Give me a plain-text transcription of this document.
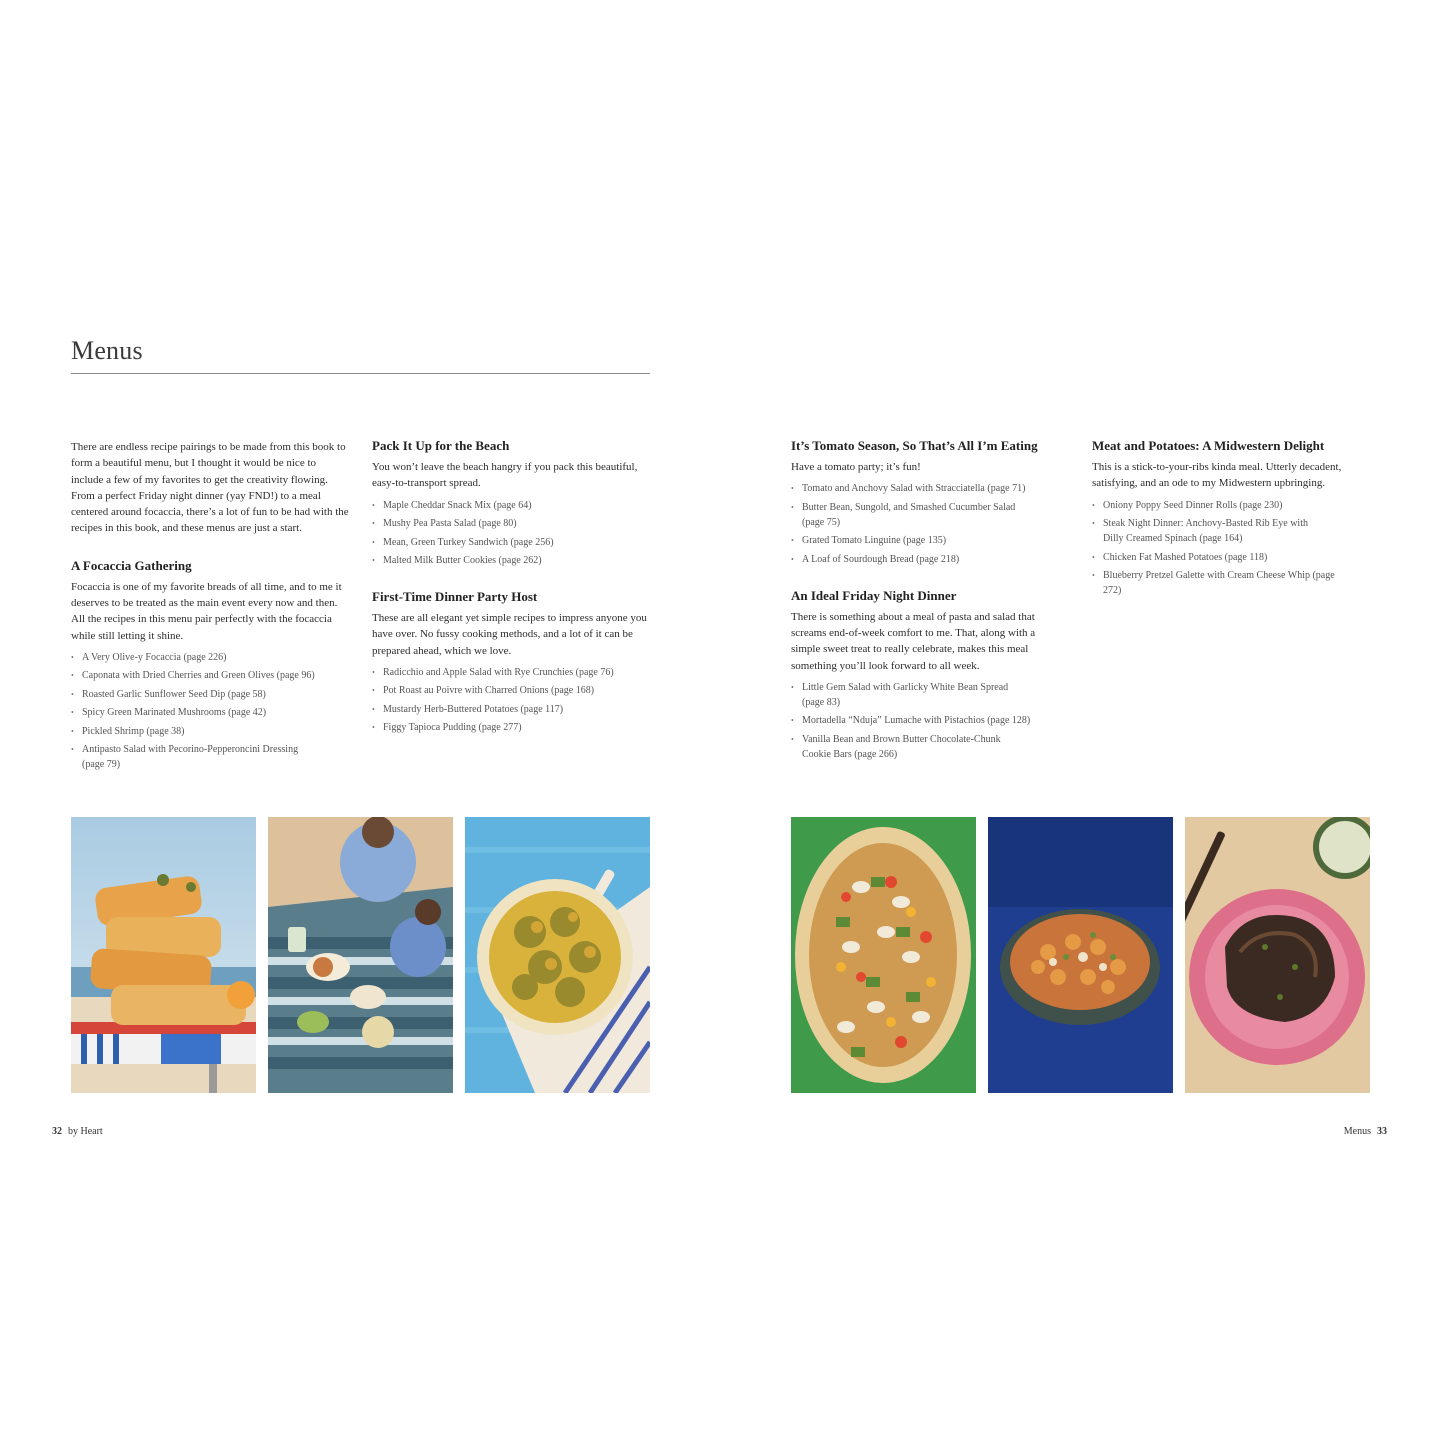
Menus

There are endless recipe pairings to be made from this book to form a beautiful menu, but I thought it would be nice to include a few of my favorites to get the creativity flowing. From a perfect Friday night dinner (yay FND!) to a meal centered around focaccia, there’s a lot of fun to be had with the recipes in this book, and these menus are just a start.

A Focaccia Gathering

Focaccia is one of my favorite breads of all time, and to me it deserves to be treated as the main event every now and then. All the recipes in this menu pair perfectly with the focaccia while still letting it shine.

• A Very Olive-y Focaccia (page 226)
• Caponata with Dried Cherries and Green Olives (page 96)
• Roasted Garlic Sunflower Seed Dip (page 58)
• Spicy Green Marinated Mushrooms (page 42)
• Pickled Shrimp (page 38)
• Antipasto Salad with Pecorino-Pepperoncini Dressing (page 79)
Pack It Up for the Beach

You won’t leave the beach hangry if you pack this beautiful, easy-to-transport spread.

• Maple Cheddar Snack Mix (page 64)
• Mushy Pea Pasta Salad (page 80)
• Mean, Green Turkey Sandwich (page 256)
• Malted Milk Butter Cookies (page 262)
First-Time Dinner Party Host

These are all elegant yet simple recipes to impress anyone you have over. No fussy cooking methods, and a lot of it can be prepared ahead, which we love.

• Radicchio and Apple Salad with Rye Crunchies (page 76)
• Pot Roast au Poivre with Charred Onions (page 168)
• Mustardy Herb-Buttered Potatoes (page 117)
• Figgy Tapioca Pudding (page 277)
It’s Tomato Season, So That’s All I’m Eating

Have a tomato party; it’s fun!

• Tomato and Anchovy Salad with Stracciatella (page 71)
• Butter Bean, Sungold, and Smashed Cucumber Salad (page 75)
• Grated Tomato Linguine (page 135)
• A Loaf of Sourdough Bread (page 218)
An Ideal Friday Night Dinner

There is something about a meal of pasta and salad that screams end-of-week comfort to me. That, along with a simple sweet treat to really celebrate, makes this meal something you’ll look forward to all week.

• Little Gem Salad with Garlicky White Bean Spread (page 83)
• Mortadella “Nduja” Lumache with Pistachios (page 128)
• Vanilla Bean and Brown Butter Chocolate-Chunk Cookie Bars (page 266)
Meat and Potatoes: A Midwestern Delight

This is a stick-to-your-ribs kinda meal. Utterly decadent, satisfying, and an ode to my Midwestern upbringing.

• Oniony Poppy Seed Dinner Rolls (page 230)
• Steak Night Dinner: Anchovy-Basted Rib Eye with Dilly Creamed Spinach (page 164)
• Chicken Fat Mashed Potatoes (page 118)
• Blueberry Pretzel Galette with Cream Cheese Whip (page 272)
32 by Heart	Menus 33
